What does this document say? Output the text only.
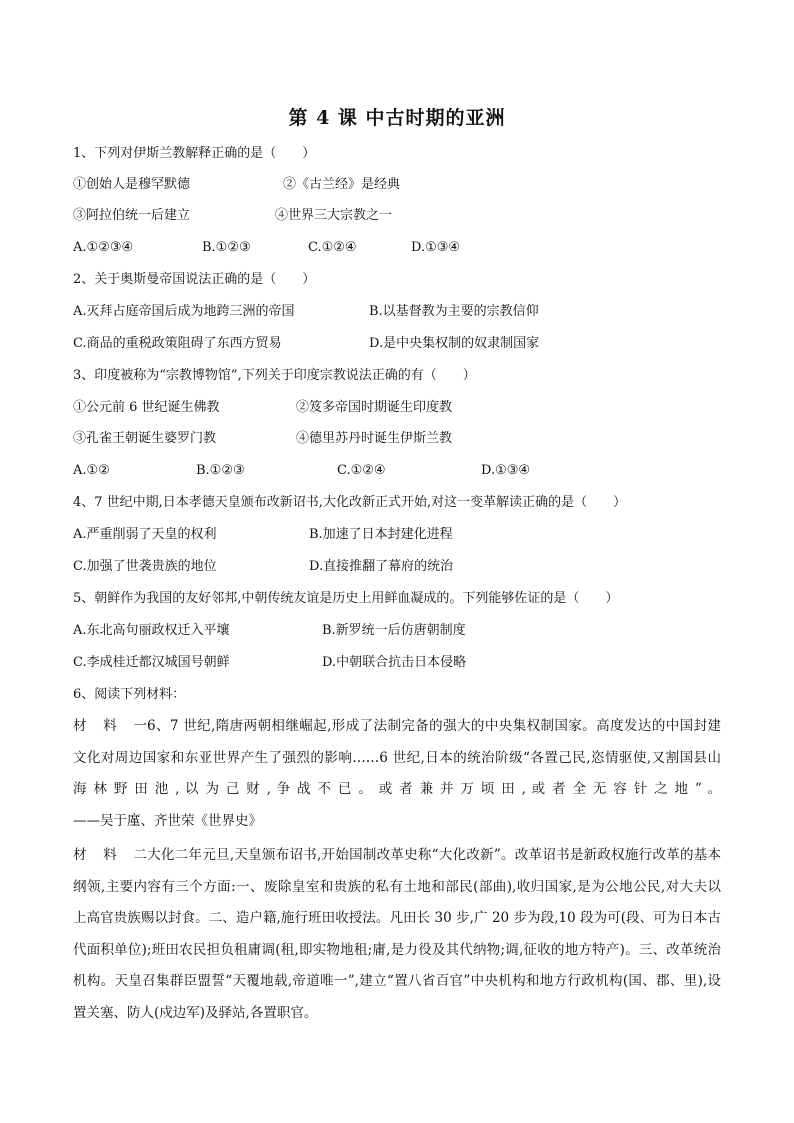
第 4 课 中古时期的亚洲
1、下列对伊斯兰教解释正确的是（　　）
①创始人是穆罕默德	②《古兰经》是经典
③阿拉伯统一后建立	④世界三大宗教之一
A.①②③④	B.①②③	C.①②④	D.①③④
2、关于奥斯曼帝国说法正确的是（　　）
A.灭拜占庭帝国后成为地跨三洲的帝国	B.以基督教为主要的宗教信仰
C.商品的重税政策阻碍了东西方贸易	D.是中央集权制的奴隶制国家
3、印度被称为“宗教博物馆”,下列关于印度宗教说法正确的有（　　）
①公元前 6 世纪诞生佛教	②笈多帝国时期诞生印度教
③孔雀王朝诞生婆罗门教	④德里苏丹时诞生伊斯兰教
A.①②	B.①②③	C.①②④	D.①③④
4、7 世纪中期,日本孝德天皇颁布改新诏书,大化改新正式开始,对这一变革解读正确的是（　　）
A.严重削弱了天皇的权利	B.加速了日本封建化进程
C.加强了世袭贵族的地位	D.直接推翻了幕府的统治
5、朝鲜作为我国的友好邻邦,中朝传统友谊是历史上用鲜血凝成的。下列能够佐证的是（　　）
A.东北高句丽政权迁入平壤	B.新罗统一后仿唐朝制度
C.李成桂迁都汉城国号朝鲜	D.中朝联合抗击日本侵略
6、阅读下列材料：
材料一6、7 世纪,隋唐两朝相继崛起,形成了法制完备的强大的中央集权制国家。高度发达的中国封建
文化对周边国家和东亚世界产生了强烈的影响……6 世纪,日本的统治阶级“各置己民,恣情驱使,又割国县山
海 林 野 田 池 , 以 为 己 财 , 争 战 不 已 。 或 者 兼 并 万 顷 田 , 或 者 全 无 容 针 之 地 ” 。
——吴于廑、齐世荣《世界史》
材料二大化二年元旦,天皇颁布诏书,开始国制改革史称“大化改新”。改革诏书是新政权施行改革的基本
纲领,主要内容有三个方面:一、废除皇室和贵族的私有土地和部民(部曲),收归国家,是为公地公民,对大夫以
上高官贵族赐以封食。二、造户籍,施行班田收授法。凡田长 30 步,广 20 步为段,10 段为可(段、可为日本古
代面积单位);班田农民担负租庸调(租,即实物地租;庸,是力役及其代纳物;调,征收的地方特产)。三、改革统治
机构。天皇召集群臣盟誓“天覆地载,帝道唯一”,建立“置八省百官”中央机构和地方行政机构(国、郡、里),设
置关塞、防人(戍边军)及驿站,各置职官。
